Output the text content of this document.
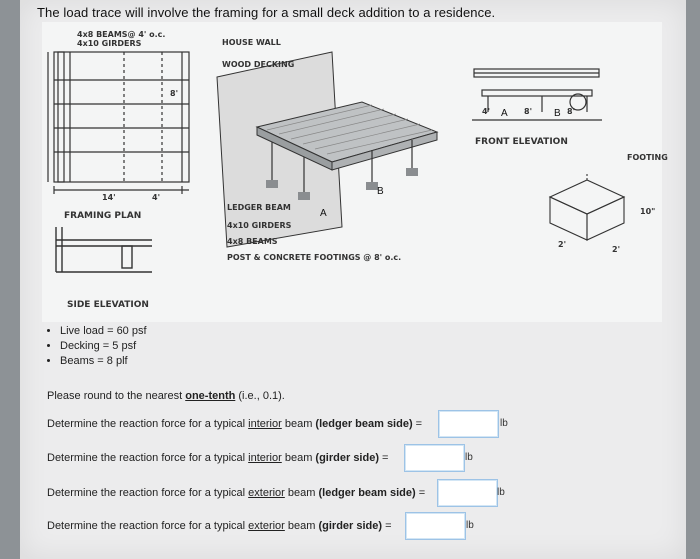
The load trace will involve the framing for a small deck addition to a residence.
4x8 BEAMS@ 4' o.c.
4x10 GIRDERS
14'	4'
8'
FRAMING PLAN
SIDE ELEVATION
HOUSE WALL
WOOD DECKING
LEDGER BEAM
4x10 GIRDERS
4x8 BEAMS
POST & CONCRETE FOOTINGS @ 8' o.c.
A
B
A	B
4'	8'	8'
FRONT ELEVATION
FOOTING
10"
2'
2'
• Live load = 60 psf
• Decking = 5 psf
• Beams = 8 plf
Please round to the nearest one-tenth (i.e., 0.1).
Determine the reaction force for a typical interior beam (ledger beam side) =	lb
Determine the reaction force for a typical interior beam (girder side) =	lb
Determine the reaction force for a typical exterior beam (ledger beam side) =	lb
Determine the reaction force for a typical exterior beam (girder side) =	lb
